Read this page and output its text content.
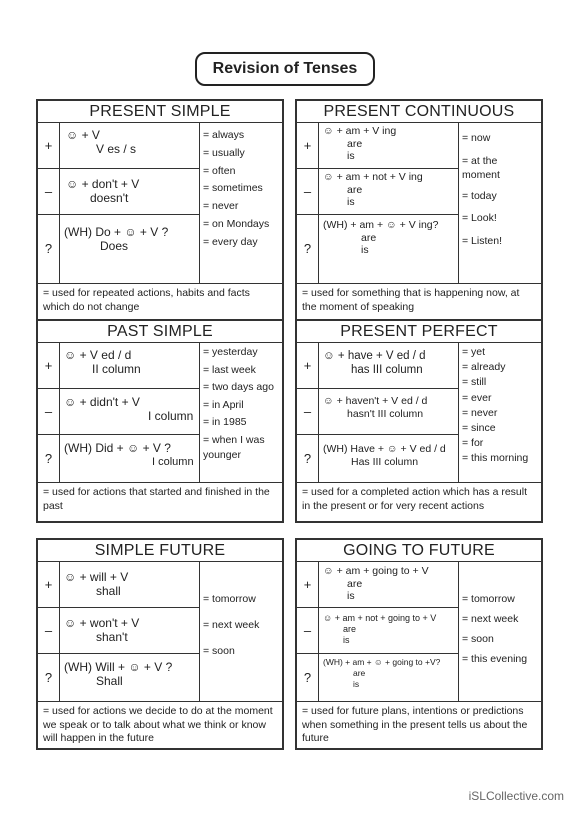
Revision of Tenses
PRESENT SIMPLE
+
–
?
☺ + V
V es / s
☺ + don't + V
doesn't
(WH) Do + ☺ + V ?
Does
= always
= usually
= often
= sometimes
= never
= on Mondays
= every day
= used for repeated actions, habits and facts which do not change
PRESENT CONTINUOUS
+
–
?
☺ + am + V ing
are
is
☺ + am + not + V ing
are
is
(WH) + am + ☺ + V ing?
are
is
= now
= at the moment
= today
= Look!
= Listen!
= used for something that is happening now, at the moment of speaking
PAST SIMPLE
+
–
?
☺ + V ed / d
II column
☺ + didn't + V
I column
(WH) Did + ☺ + V ?
I column
= yesterday
= last week
= two days ago
= in April
= in 1985
= when I was younger
= used for actions that started and finished in the past
PRESENT PERFECT
+
–
?
☺ + have + V ed / d
has III column
☺ + haven't + V ed / d
hasn't III column
(WH) Have + ☺ + V ed / d
Has III column
= yet
= already
= still
= ever
= never
= since
= for
= this morning
= used for a completed action which has a result in the present or for very recent actions
SIMPLE FUTURE
+
–
?
☺ + will + V
shall
☺ + won't + V
shan't
(WH) Will + ☺ + V ?
Shall
= tomorrow
= next week
= soon
= used for actions we decide to do at the moment we speak or to talk about what we think or know will happen in the future
GOING TO FUTURE
+
–
?
☺ + am + going to + V
are
is
☺ + am + not + going to + V
are
is
(WH) + am + ☺ + going to +V?
are
is
= tomorrow
= next week
= soon
= this evening
= used for future plans, intentions or predictions when something in the present tells us about the future
iSLCollective.com
